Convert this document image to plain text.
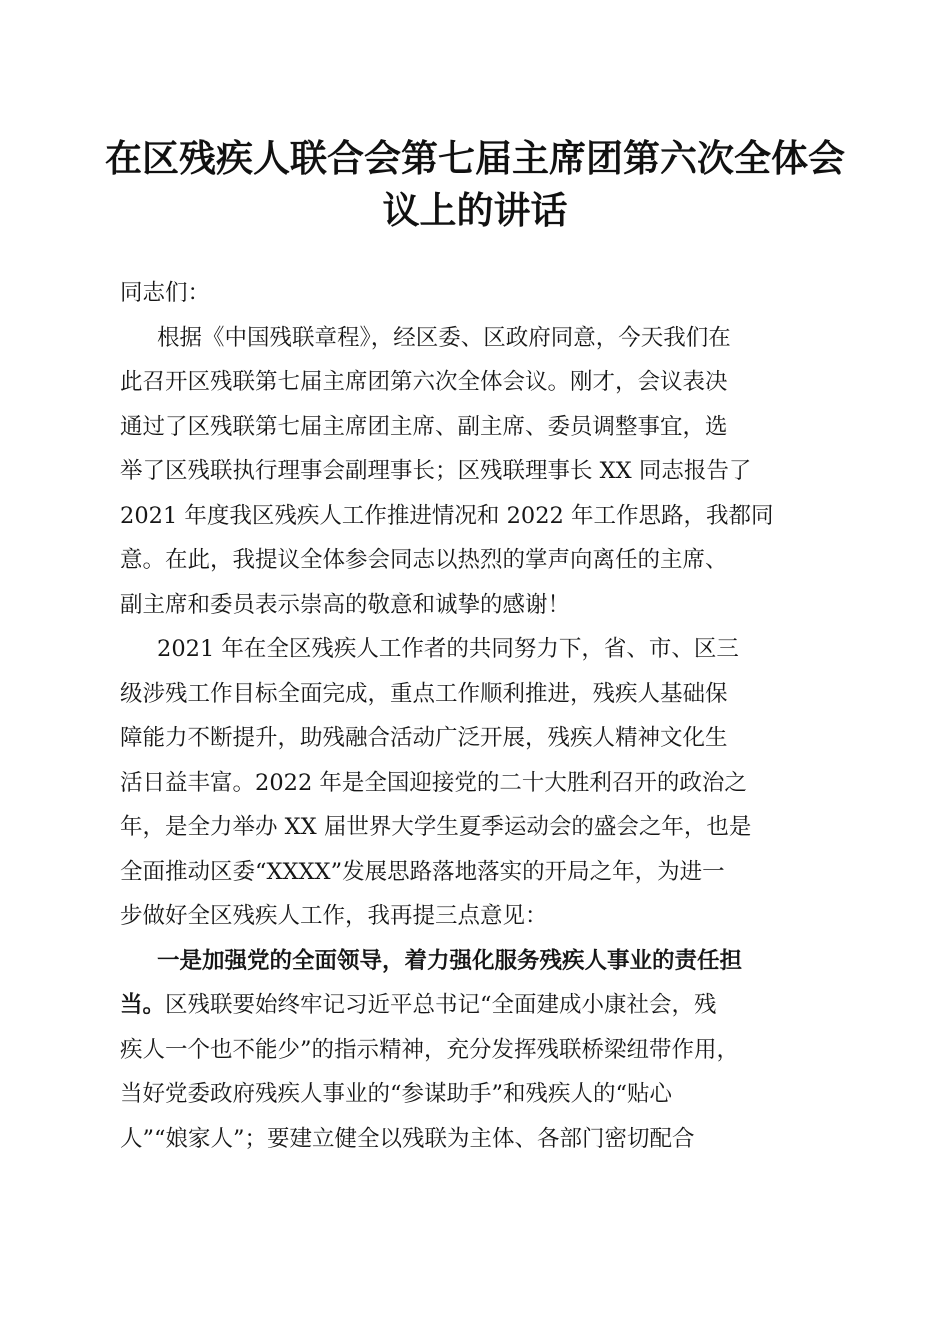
在区残疾人联合会第七届主席团第六次全体会
议上的讲话
同志们：
根据《中国残联章程》，经区委、区政府同意，今天我们在
此召开区残联第七届主席团第六次全体会议。刚才，会议表决
通过了区残联第七届主席团主席、副主席、委员调整事宜，选
举了区残联执行理事会副理事长；区残联理事长 XX 同志报告了
2021 年度我区残疾人工作推进情况和 2022 年工作思路，我都同
意。在此，我提议全体参会同志以热烈的掌声向离任的主席、
副主席和委员表示崇高的敬意和诚挚的感谢！
2021 年在全区残疾人工作者的共同努力下，省、市、区三
级涉残工作目标全面完成，重点工作顺利推进，残疾人基础保
障能力不断提升，助残融合活动广泛开展，残疾人精神文化生
活日益丰富。2022 年是全国迎接党的二十大胜利召开的政治之
年，是全力举办 XX 届世界大学生夏季运动会的盛会之年，也是
全面推动区委“XXXX”发展思路落地落实的开局之年，为进一
步做好全区残疾人工作，我再提三点意见：
一是加强党的全面领导，着力强化服务残疾人事业的责任担
当。区残联要始终牢记习近平总书记“全面建成小康社会，残
疾人一个也不能少”的指示精神，充分发挥残联桥梁纽带作用，
当好党委政府残疾人事业的“参谋助手”和残疾人的“贴心
人”“娘家人”；要建立健全以残联为主体、各部门密切配合
